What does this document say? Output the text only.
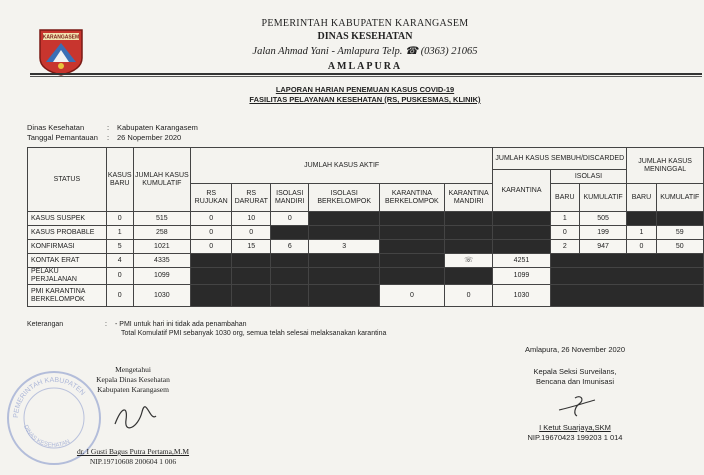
KARANGASEM
PEMERINTAH KABUPATEN KARANGASEM
DINAS KESEHATAN
Jalan Ahmad Yani - Amlapura Telp. ☎ (0363) 21065
AMLAPURA
LAPORAN HARIAN PENEMUAN KASUS COVID-19
FASILITAS PELAYANAN KESEHATAN (RS, PUSKESMAS, KLINIK)
Dinas Kesehatan	:	Kabupaten Karangasem
Tanggal Pemantauan	:	26 Nopember 2020
STATUS	KASUS BARU	JUMLAH KASUS KUMULATIF	JUMLAH KASUS AKTIF						JUMLAH KASUS SEMBUH/DISCARDED			JUMLAH KASUS MENINGGAL	
									KARANTINA	ISOLASI			
			RS RUJUKAN	RS DARURAT	ISOLASI MANDIRI	ISOLASI BERKELOMPOK	KARANTINA BERKELOMPOK	KARANTINA MANDIRI		BARU	KUMULATIF	BARU	KUMULATIF
KASUS SUSPEK	0	515	0	10	0					1	505		
KASUS PROBABLE	1	258	0	0						0	199	1	59
KONFIRMASI	5	1021	0	15	6	3				2	947	0	50
KONTAK ERAT	4	4335						☏	4251				
PELAKU PERJALANAN	0	1099							1099				
PMI KARANTINA BERKELOMPOK	0	1030					0	0	1030				
Keterangan	: - PMI untuk hari ini tidak ada penambahan
Total Komulatif PMI sebanyak 1030 org, semua telah selesai melaksanakan karantina
PEMERINTAH KABUPATEN
DINAS KESEHATAN
Mengetahui
Kepala Dinas Kesehatan
Kabupaten Karangasem
dr. I Gusti Bagus Putra Pertama,M.M
NIP.19710608 200604 1 006
Amlapura, 26 November 2020
Kepala Seksi Surveilans,
Bencana dan Imunisasi
I Ketut Suarjaya,SKM
NIP.19670423 199203 1 014
